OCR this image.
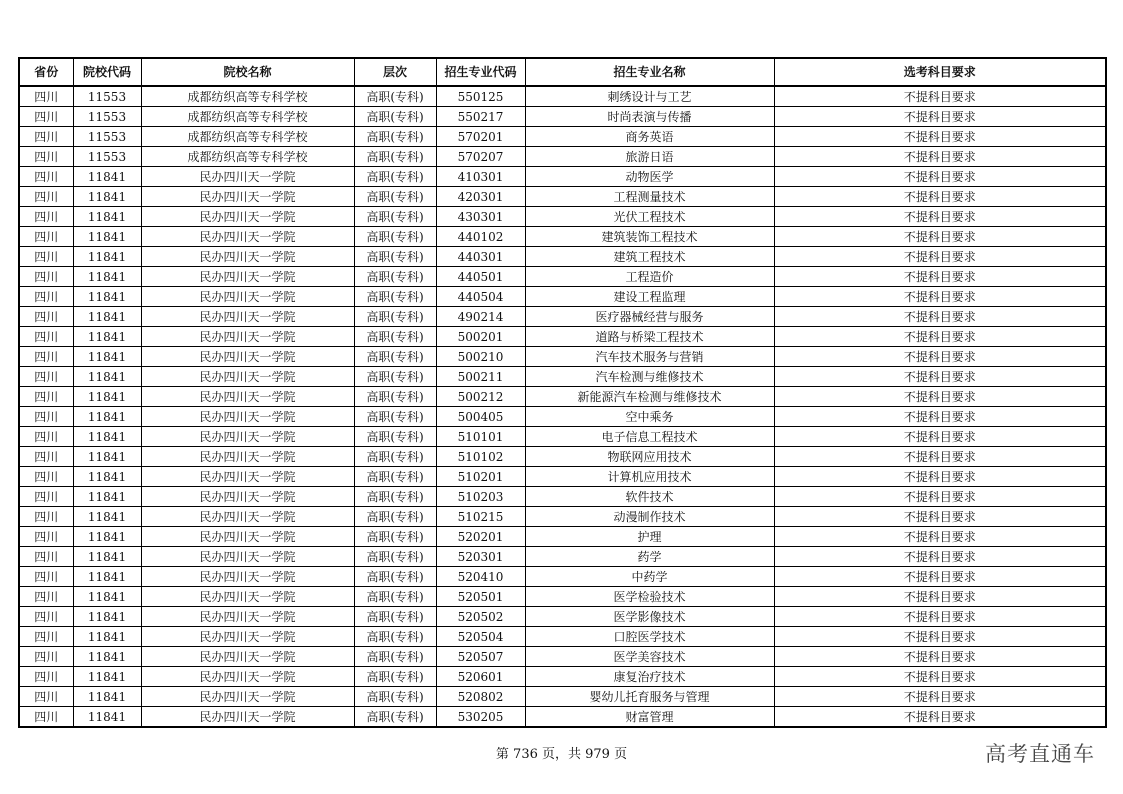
省份	院校代码	院校名称	层次	招生专业代码	招生专业名称	选考科目要求
四川	11553	成都纺织高等专科学校	高职(专科)	550125	刺绣设计与工艺	不提科目要求
四川	11553	成都纺织高等专科学校	高职(专科)	550217	时尚表演与传播	不提科目要求
四川	11553	成都纺织高等专科学校	高职(专科)	570201	商务英语	不提科目要求
四川	11553	成都纺织高等专科学校	高职(专科)	570207	旅游日语	不提科目要求
四川	11841	民办四川天一学院	高职(专科)	410301	动物医学	不提科目要求
四川	11841	民办四川天一学院	高职(专科)	420301	工程测量技术	不提科目要求
四川	11841	民办四川天一学院	高职(专科)	430301	光伏工程技术	不提科目要求
四川	11841	民办四川天一学院	高职(专科)	440102	建筑装饰工程技术	不提科目要求
四川	11841	民办四川天一学院	高职(专科)	440301	建筑工程技术	不提科目要求
四川	11841	民办四川天一学院	高职(专科)	440501	工程造价	不提科目要求
四川	11841	民办四川天一学院	高职(专科)	440504	建设工程监理	不提科目要求
四川	11841	民办四川天一学院	高职(专科)	490214	医疗器械经营与服务	不提科目要求
四川	11841	民办四川天一学院	高职(专科)	500201	道路与桥梁工程技术	不提科目要求
四川	11841	民办四川天一学院	高职(专科)	500210	汽车技术服务与营销	不提科目要求
四川	11841	民办四川天一学院	高职(专科)	500211	汽车检测与维修技术	不提科目要求
四川	11841	民办四川天一学院	高职(专科)	500212	新能源汽车检测与维修技术	不提科目要求
四川	11841	民办四川天一学院	高职(专科)	500405	空中乘务	不提科目要求
四川	11841	民办四川天一学院	高职(专科)	510101	电子信息工程技术	不提科目要求
四川	11841	民办四川天一学院	高职(专科)	510102	物联网应用技术	不提科目要求
四川	11841	民办四川天一学院	高职(专科)	510201	计算机应用技术	不提科目要求
四川	11841	民办四川天一学院	高职(专科)	510203	软件技术	不提科目要求
四川	11841	民办四川天一学院	高职(专科)	510215	动漫制作技术	不提科目要求
四川	11841	民办四川天一学院	高职(专科)	520201	护理	不提科目要求
四川	11841	民办四川天一学院	高职(专科)	520301	药学	不提科目要求
四川	11841	民办四川天一学院	高职(专科)	520410	中药学	不提科目要求
四川	11841	民办四川天一学院	高职(专科)	520501	医学检验技术	不提科目要求
四川	11841	民办四川天一学院	高职(专科)	520502	医学影像技术	不提科目要求
四川	11841	民办四川天一学院	高职(专科)	520504	口腔医学技术	不提科目要求
四川	11841	民办四川天一学院	高职(专科)	520507	医学美容技术	不提科目要求
四川	11841	民办四川天一学院	高职(专科)	520601	康复治疗技术	不提科目要求
四川	11841	民办四川天一学院	高职(专科)	520802	婴幼儿托育服务与管理	不提科目要求
四川	11841	民办四川天一学院	高职(专科)	530205	财富管理	不提科目要求
第 736 页，共 979 页	高考直通车
